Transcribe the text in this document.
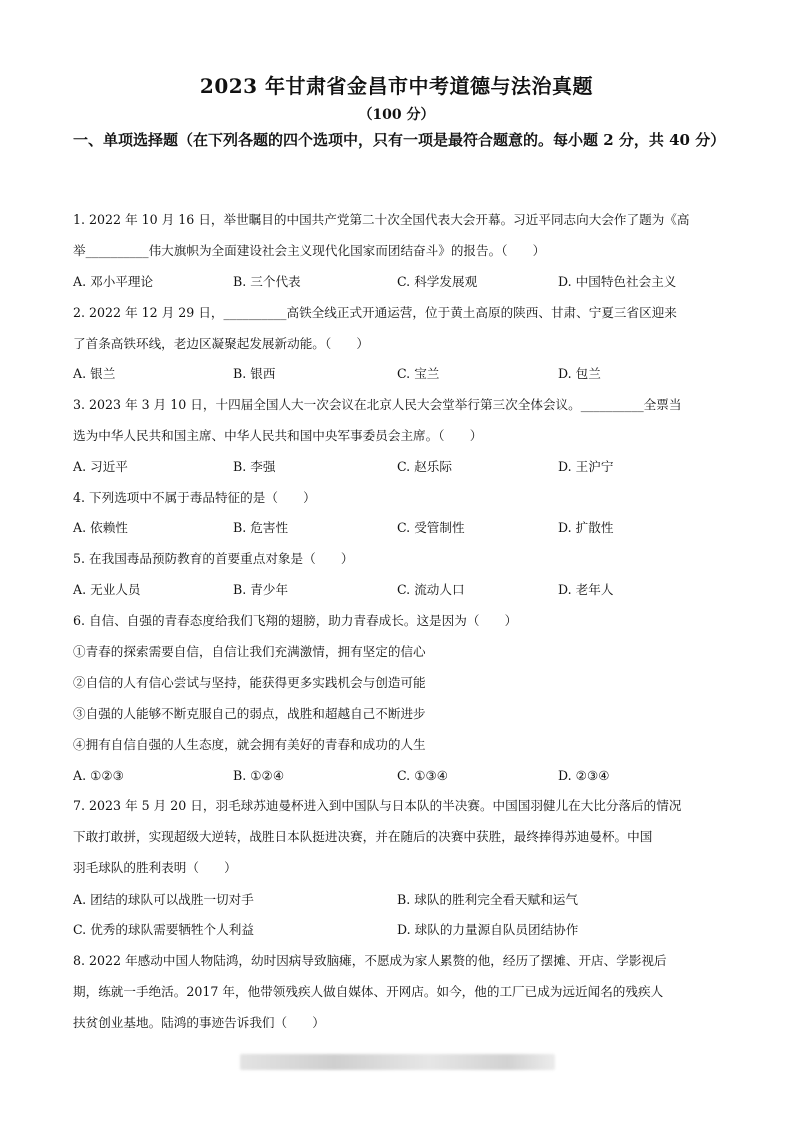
2023 年甘肃省金昌市中考道德与法治真题
（100 分）
一、单项选择题（在下列各题的四个选项中，只有一项是最符合题意的。每小题 2 分，共 40 分）
1. 2022 年 10 月 16 日，举世瞩目的中国共产党第二十次全国代表大会开幕。习近平同志向大会作了题为《高
举__________伟大旗帜为全面建设社会主义现代化国家而团结奋斗》的报告。（　　）
A. 邓小平理论	B. 三个代表	C. 科学发展观	D. 中国特色社会主义
2. 2022 年 12 月 29 日，__________高铁全线正式开通运营，位于黄土高原的陕西、甘肃、宁夏三省区迎来
了首条高铁环线，老边区凝聚起发展新动能。（　　）
A. 银兰	B. 银西	C. 宝兰	D. 包兰
3. 2023 年 3 月 10 日，十四届全国人大一次会议在北京人民大会堂举行第三次全体会议。__________全票当
选为中华人民共和国主席、中华人民共和国中央军事委员会主席。（　　）
A. 习近平	B. 李强	C. 赵乐际	D. 王沪宁
4. 下列选项中不属于毒品特征的是（　　）
A. 依赖性	B. 危害性	C. 受管制性	D. 扩散性
5. 在我国毒品预防教育的首要重点对象是（　　）
A. 无业人员	B. 青少年	C. 流动人口	D. 老年人
6. 自信、自强的青春态度给我们飞翔的翅膀，助力青春成长。这是因为（　　）
①青春的探索需要自信，自信让我们充满激情，拥有坚定的信心
②自信的人有信心尝试与坚持，能获得更多实践机会与创造可能
③自强的人能够不断克服自己的弱点，战胜和超越自己不断进步
④拥有自信自强的人生态度，就会拥有美好的青春和成功的人生
A. ①②③	B. ①②④	C. ①③④	D. ②③④
7. 2023 年 5 月 20 日，羽毛球苏迪曼杯进入到中国队与日本队的半决赛。中国国羽健儿在大比分落后的情况
下敢打敢拼，实现超级大逆转，战胜日本队挺进决赛，并在随后的决赛中获胜，最终捧得苏迪曼杯。中国
羽毛球队的胜利表明（　　）
A. 团结的球队可以战胜一切对手	B. 球队的胜利完全看天赋和运气
C. 优秀的球队需要牺牲个人利益	D. 球队的力量源自队员团结协作
8. 2022 年感动中国人物陆鸿，幼时因病导致脑瘫，不愿成为家人累赘的他，经历了摆摊、开店、学影视后
期，练就一手绝活。2017 年，他带领残疾人做自媒体、开网店。如今，他的工厂已成为远近闻名的残疾人
扶贫创业基地。陆鸿的事迹告诉我们（　　）
